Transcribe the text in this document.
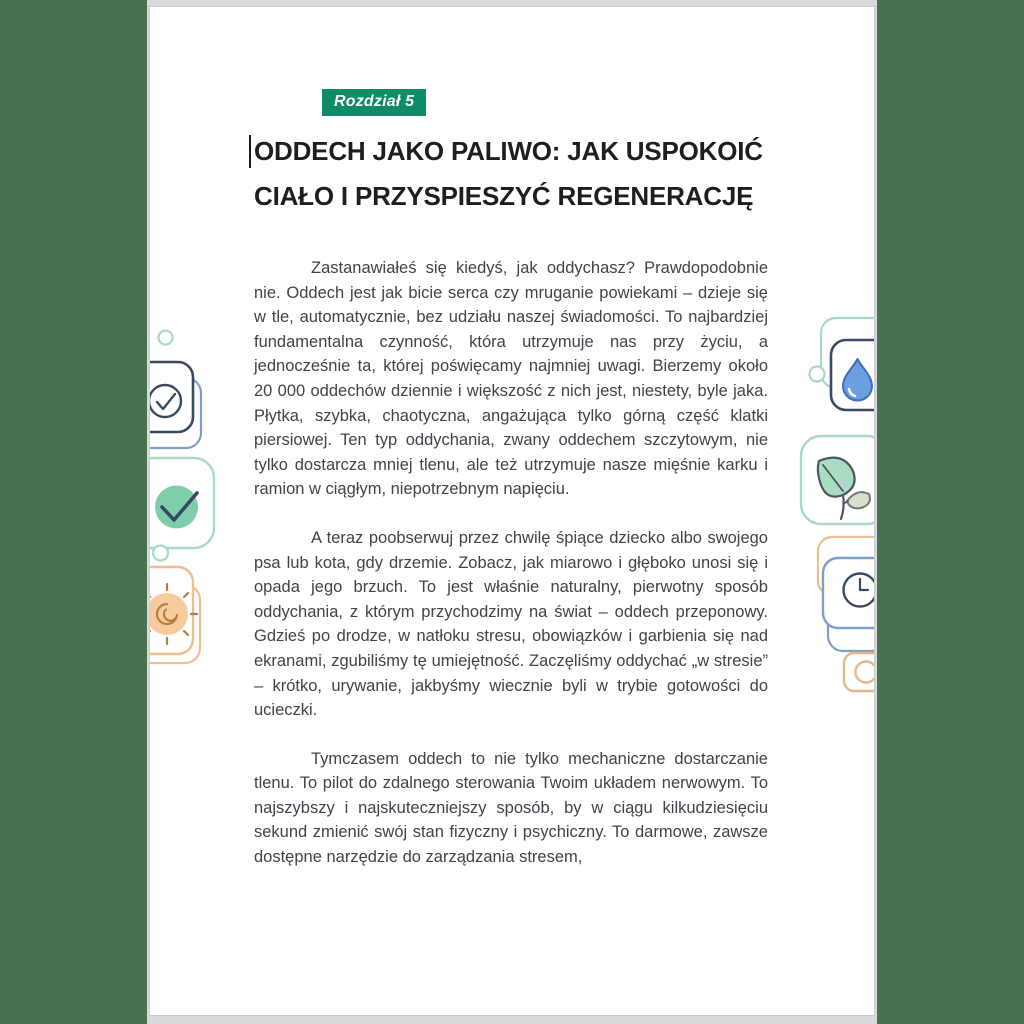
Rozdział 5
ODDECH JAKO PALIWO: JAK USPOKOIĆ
CIAŁO I PRZYSPIESZYĆ REGENERACJĘ

Zastanawiałeś się kiedyś, jak oddychasz? Prawdopodobnie nie. Oddech jest jak bicie serca czy mruganie powiekami – dzieje się w tle, automatycznie, bez udziału naszej świadomości. To najbardziej fundamentalna czynność, która utrzymuje nas przy życiu, a jednocześnie ta, której poświęcamy najmniej uwagi. Bierzemy około 20 000 oddechów dziennie i większość z nich jest, niestety, byle jaka. Płytka, szybka, chaotyczna, angażująca tylko górną część klatki piersiowej. Ten typ oddychania, zwany oddechem szczytowym, nie tylko dostarcza mniej tlenu, ale też utrzymuje nasze mięśnie karku i ramion w ciągłym, niepotrzebnym napięciu.

A teraz poobserwuj przez chwilę śpiące dziecko albo swojego psa lub kota, gdy drzemie. Zobacz, jak miarowo i głęboko unosi się i opada jego brzuch. To jest właśnie naturalny, pierwotny sposób oddychania, z którym przychodzimy na świat – oddech przeponowy. Gdzieś po drodze, w natłoku stresu, obowiązków i garbienia się nad ekranami, zgubiliśmy tę umiejętność. Zaczęliśmy oddychać „w stresie” – krótko, urywanie, jakbyśmy wiecznie byli w trybie gotowości do ucieczki.

Tymczasem oddech to nie tylko mechaniczne dostarczanie tlenu. To pilot do zdalnego sterowania Twoim układem nerwowym. To najszybszy i najskuteczniejszy sposób, by w ciągu kilkudziesięciu sekund zmienić swój stan fizyczny i psychiczny. To darmowe, zawsze dostępne narzędzie do zarządzania stresem,
